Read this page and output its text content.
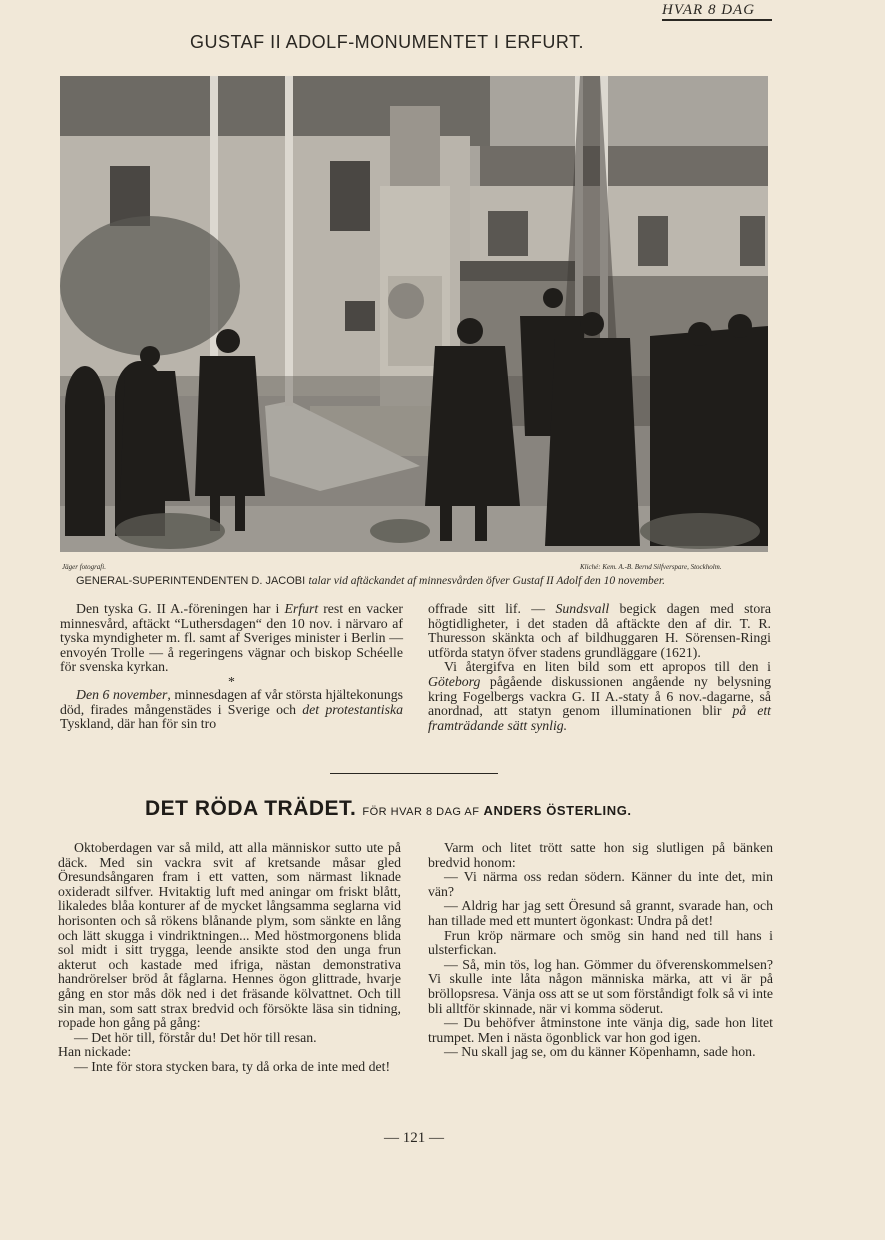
HVAR 8 DAG
GUSTAF II ADOLF-MONUMENTET I ERFURT.
Jäger fotografi.	Kliché: Kem. A.-B. Bernd Silfverspare, Stockholm.
GENERAL-SUPERINTENDENTEN D. JACOBI talar vid aftäckandet af minnesvården öfver Gustaf II Adolf den 10 november.

Den tyska G. II A.-föreningen har i Erfurt rest en vacker minnesvård, aftäckt “Luthersdagen“ den 10 nov. i närvaro af tyska myndigheter m. fl. samt af Sveriges minister i Berlin — envoyén Trolle — å regeringens vägnar och biskop Schéelle för svenska kyrkan.

*

Den 6 november, minnesdagen af vår största hjältekonungs död, firades mångenstädes i Sverige och det protestantiska Tyskland, där han för sin tro

offrade sitt lif. — Sundsvall begick dagen med stora högtidligheter, i det staden då aftäckte den af dir. T. R. Thuresson skänkta och af bildhuggaren H. Sörensen-Ringi utförda statyn öfver stadens grundläggare (1621).

Vi återgifva en liten bild som ett apropos till den i Göteborg pågående diskussionen angående ny belysning kring Fogelbergs vackra G. II A.-staty å 6 nov.-dagarne, så anordnad, att statyn genom illuminationen blir på ett framträdande sätt synlig.

DET RÖDA TRÄDET. FÖR HVAR 8 DAG AF ANDERS ÖSTERLING.

Oktoberdagen var så mild, att alla människor sutto ute på däck. Med sin vackra svit af kretsande måsar gled Öresundsångaren fram i ett vatten, som närmast liknade oxideradt silfver. Hvitaktig luft med aningar om friskt blått, likaledes blåa konturer af de mycket långsamma seglarna vid horisonten och så rökens blånande plym, som sänkte en lång och lätt skugga i vindriktningen... Med höstmorgonens blida sol midt i sitt trygga, leende ansikte stod den unga frun akterut och kastade med ifriga, nästan demonstrativa handrörelser bröd åt fåglarna. Hennes ögon glittrade, hvarje gång en stor mås dök ned i det fräsande kölvattnet. Och till sin man, som satt strax bredvid och försökte läsa sin tidning, ropade hon gång på gång:

— Det hör till, förstår du! Det hör till resan.

Han nickade:

— Inte för stora stycken bara, ty då orka de inte med det!

Varm och litet trött satte hon sig slutligen på bänken bredvid honom:

— Vi närma oss redan södern. Känner du inte det, min vän?

— Aldrig har jag sett Öresund så grannt, svarade han, och han tillade med ett muntert ögonkast: Undra på det!

Frun kröp närmare och smög sin hand ned till hans i ulsterfickan.

— Så, min tös, log han. Gömmer du öfverenskommelsen? Vi skulle inte låta någon människa märka, att vi är på bröllopsresa. Vänja oss att se ut som förståndigt folk så vi inte bli alltför skinnade, när vi komma söderut.

— Du behöfver åtminstone inte vänja dig, sade hon litet trumpet. Men i nästa ögonblick var hon god igen.

— Nu skall jag se, om du känner Köpenhamn, sade hon.

— 121 —
